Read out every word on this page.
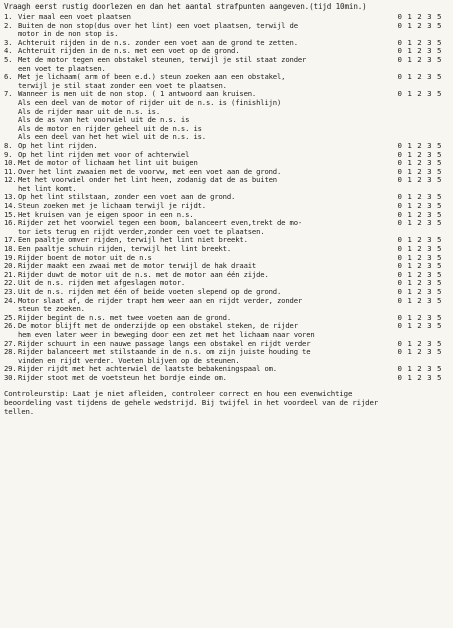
Vraagh eerst rustig doorlezen en dan het aantal strafpunten aangeven.(tijd 10min.)
1. Vier maal een voet plaatsen	0 1 2 3 5
2. Buiten de non stop(dus over het lint) een voet plaatsen, terwijl de
motor in de non stop is.
0 1 2 3 5
3. Achteruit rijden in de n.s. zonder een voet aan de grond te zetten.	0 1 2 3 5
4. Achteruit rijden in de n.s. met een voet op de grond.	0 1 2 3 5
5. Met de motor tegen een obstakel steunen, terwijl je stil staat zonder
een voet te plaatsen.
0 1 2 3 5
6. Met je lichaam( arm of been e.d.) steun zoeken aan een obstakel,
terwijl je stil staat zonder een voet te plaatsen.
0 1 2 3 5
7. Wanneer is men uit de non stop. ( 1 antwoord aan kruisen.
Als een deel van de motor of rijder uit de n.s. is (finishlijn)
Als de rijder maar uit de n.s. is.
Als de as van het voorwiel uit de n.s. is
Als de motor en rijder geheel uit de n.s. is
Als een deel van het het wiel uit de n.s. is.
0 1 2 3 5
8. Op het lint rijden.	0 1 2 3 5
9. Op het lint rijden met voor of achterwiel	0 1 2 3 5
10.Met de motor of lichaam het lint uit buigen	0 1 2 3 5
11.Over het lint zwaaien met de voorvw, met een voet aan de grond.	0 1 2 3 5
12.Met het voorwiel onder het lint heen, zodanig dat de as buiten
het lint komt.
0 1 2 3 5
13.Op het lint stilstaan, zonder een voet aan de grond.	0 1 2 3 5
14.Steun zoeken met je lichaam terwijl je rijdt.	0 1 2 3 5
15.Het kruisen van je eigen spoor in een n.s.	0 1 2 3 5
16.Rijder zet het voorwiel tegen een boom, balanceert even,trekt de mo-
tor iets terug en rijdt verder,zonder een voet te plaatsen.
0 1 2 3 5
17.Een paaltje omver rijden, terwijl het lint niet breekt.	0 1 2 3 5
18.Een paaltje schuin rijden, terwijl het lint breekt.	0 1 2 3 5
19.Rijder boent de motor uit de n.s	0 1 2 3 5
20.Rijder maakt een zwaai met de motor terwijl de hak draait	0 1 2 3 5
21.Rijder duwt de motor uit de n.s. met de motor aan één zijde.	0 1 2 3 5
22.Uit de n.s. rijden met afgeslagen motor.	0 1 2 3 5
23.Uit de n.s. rijden met één of beide voeten slepend op de grond.	0 1 2 3 5
24.Motor slaat af, de rijder trapt hem weer aan en rijdt verder, zonder
steun te zoeken.
0 1 2 3 5
25.Rijder begint de n.s. met twee voeten aan de grond.	0 1 2 3 5
26.De motor blijft met de onderzijde op een obstakel steken, de rijder
hem even later weer in beweging door een zet met het lichaam naar voren
0 1 2 3 5
27.Rijder schuurt in een nauwe passage langs een obstakel en rijdt verder	0 1 2 3 5
28.Rijder balanceert met stilstaande in de n.s. om zijn juiste houding te
vinden en rijdt verder. Voeten blijven op de steunen.
0 1 2 3 5
29.Rijder rijdt met het achterwiel de laatste bebakeningspaal om.	0 1 2 3 5
30.Rijder stoot met de voetsteun het bordje einde om.	0 1 2 3 5
Controleurstip: Laat je niet afleiden, controleer correct en hou een evenwichtige
beoordeling vast tijdens de gehele wedstrijd. Bij twijfel in het voordeel van de rijder
tellen.
